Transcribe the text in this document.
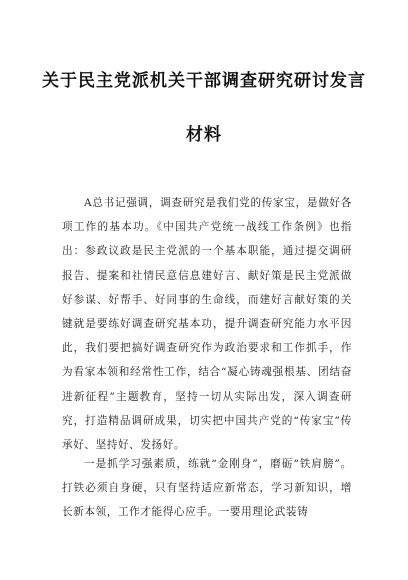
关于民主党派机关干部调查研究研讨发言
材料

A总书记强调，调查研究是我们党的传家宝，是做好各项工作的基本功。《中国共产党统一战线工作条例》也指出：参政议政是民主党派的一个基本职能，通过提交调研报告、提案和社情民意信息建好言、献好策是民主党派做好参谋、好帮手、好同事的生命线，而建好言献好策的关键就是要练好调查研究基本功，提升调查研究能力水平因此，我们要把搞好调查研究作为政治要求和工作抓手，作为看家本领和经常性工作，结合“凝心铸魂强根基、团结奋进新征程”主题教育，坚持一切从实际出发，深入调查研究，打造精品调研成果，切实把中国共产党的“传家宝”传承好、坚持好、发扬好。

一是抓学习强素质，练就“金刚身”，磨砺“铁肩膀”。打铁必须自身硬，只有坚持适应新常态，学习新知识，增长新本领，工作才能得心应手。一要用理论武装铸
